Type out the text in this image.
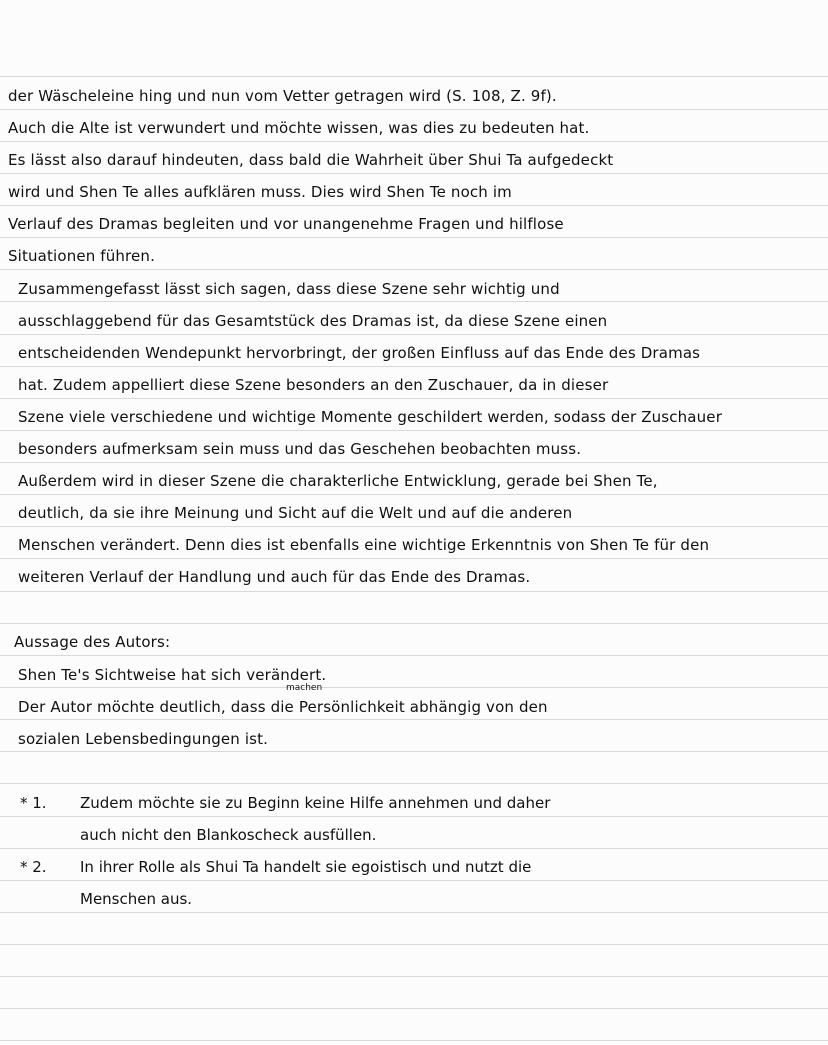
der Wäscheleine hing und nun vom Vetter getragen wird (S. 108, Z. 9f).
Auch die Alte ist verwundert und möchte wissen, was dies zu bedeuten hat.
Es lässt also darauf hindeuten, dass bald die Wahrheit über Shui Ta aufgedeckt
wird und Shen Te alles aufklären muss. Dies wird Shen Te noch im
Verlauf des Dramas begleiten und vor unangenehme Fragen und hilflose
Situationen führen.
Zusammengefasst lässt sich sagen, dass diese Szene sehr wichtig und
ausschlaggebend für das Gesamtstück des Dramas ist, da diese Szene einen
entscheidenden Wendepunkt hervorbringt, der großen Einfluss auf das Ende des Dramas
hat. Zudem appelliert diese Szene besonders an den Zuschauer, da in dieser
Szene viele verschiedene und wichtige Momente geschildert werden, sodass der Zuschauer
besonders aufmerksam sein muss und das Geschehen beobachten muss.
Außerdem wird in dieser Szene die charakterliche Entwicklung, gerade bei Shen Te,
deutlich, da sie ihre Meinung und Sicht auf die Welt und auf die anderen
Menschen verändert. Denn dies ist ebenfalls eine wichtige Erkenntnis von Shen Te für den
weiteren Verlauf der Handlung und auch für das Ende des Dramas.
Aussage des Autors:
Shen Te's Sichtweise hat sich verändert.
machen
Der Autor möchte deutlich, dass die Persönlichkeit abhängig von den
sozialen Lebensbedingungen ist.
* 1. Zudem möchte sie zu Beginn keine Hilfe annehmen und daher
auch nicht den Blankoscheck ausfüllen.
* 2. In ihrer Rolle als Shui Ta handelt sie egoistisch und nutzt die
Menschen aus.
